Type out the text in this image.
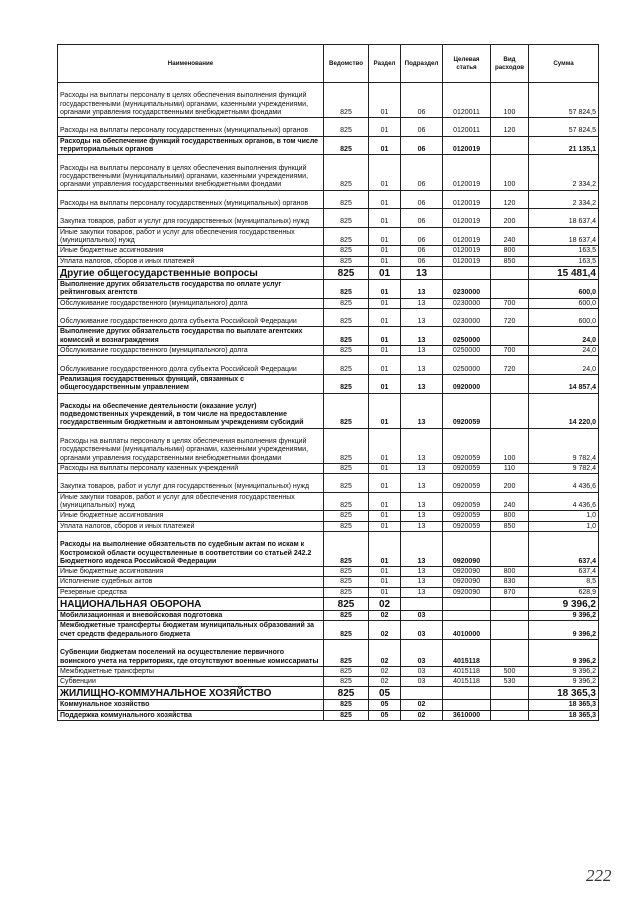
Наименование	Ведомство	Раздел	Подраздел	Целевая статья	Вид расходов	Сумма
Расходы на выплаты персоналу в целях обеспечения выполнения функций государственными (муниципальными) органами, казенными учреждениями, органами управления государственными внебюджетными фондами	825	01	06	0120011	100	57 824,5
Расходы на выплаты персоналу государственных (муниципальных) органов	825	01	06	0120011	120	57 824,5
Расходы на обеспечение функций государственных органов, в том числе территориальных органов	825	01	06	0120019		21 135,1
Расходы на выплаты персоналу в целях обеспечения выполнения функций государственными (муниципальными) органами, казенными учреждениями, органами управления государственными внебюджетными фондами	825	01	06	0120019	100	2 334,2
Расходы на выплаты персоналу государственных (муниципальных) органов	825	01	06	0120019	120	2 334,2
Закупка товаров, работ и услуг для государственных (муниципальных) нужд	825	01	06	0120019	200	18 637,4
Иные закупки товаров, работ и услуг для обеспечения государственных (муниципальных) нужд	825	01	06	0120019	240	18 637,4
Иные бюджетные ассигнования	825	01	06	0120019	800	163,5
Уплата налогов, сборов и иных платежей	825	01	06	0120019	850	163,5
Другие общегосударственные вопросы	825	01	13			15 481,4
Выполнение других обязательств государства по оплате услуг рейтинговых агентств	825	01	13	0230000		600,0
Обслуживание государственного (муниципального) долга	825	01	13	0230000	700	600,0
Обслуживание государственного долга субъекта Российской Федерации	825	01	13	0230000	720	600,0
Выполнение других обязательств государства по выплате агентских комиссий и вознаграждения	825	01	13	0250000		24,0
Обслуживание государственного (муниципального) долга	825	01	13	0250000	700	24,0
Обслуживание государственного долга субъекта Российской Федерации	825	01	13	0250000	720	24,0
Реализация государственных функций, связанных с общегосударственным управлением	825	01	13	0920000		14 857,4
Расходы на обеспечение деятельности (оказание услуг) подведомственных учреждений, в том числе на предоставление государственным бюджетным и автономным учреждениям субсидий	825	01	13	0920059		14 220,0
Расходы на выплаты персоналу в целях обеспечения выполнения функций государственными (муниципальными) органами, казенными учреждениями, органами управления государственными внебюджетными фондами	825	01	13	0920059	100	9 782,4
Расходы на выплаты персоналу казенных учреждений	825	01	13	0920059	110	9 782,4
Закупка товаров, работ и услуг для государственных (муниципальных) нужд	825	01	13	0920059	200	4 436,6
Иные закупки товаров, работ и услуг для обеспечения государственных (муниципальных) нужд	825	01	13	0920059	240	4 436,6
Иные бюджетные ассигнования	825	01	13	0920059	800	1,0
Уплата налогов, сборов и иных платежей	825	01	13	0920059	850	1,0
Расходы на выполнение обязательств по судебным актам по искам к Костромской области осуществленные в соответствии со статьей 242.2 Бюджетного кодекса Российской Федерации	825	01	13	0920090		637,4
Иные бюджетные ассигнования	825	01	13	0920090	800	637,4
Исполнение судебных актов	825	01	13	0920090	830	8,5
Резервные средства	825	01	13	0920090	870	628,9
НАЦИОНАЛЬНАЯ ОБОРОНА	825	02				9 396,2
Мобилизационная и вневойсковая подготовка	825	02	03			9 396,2
Межбюджетные трансферты бюджетам муниципальных образований за счет средств федерального бюджета	825	02	03	4010000		9 396,2
Субвенции бюджетам поселений на осуществление первичного воинского учета на территориях, где отсутствуют военные комиссариаты	825	02	03	4015118		9 396,2
Межбюджетные трансферты	825	02	03	4015118	500	9 396,2
Субвенции	825	02	03	4015118	530	9 396,2
ЖИЛИЩНО-КОММУНАЛЬНОЕ ХОЗЯЙСТВО	825	05				18 365,3
Коммунальное хозяйство	825	05	02			18 365,3
Поддержка коммунального хозяйства	825	05	02	3610000		18 365,3
222
